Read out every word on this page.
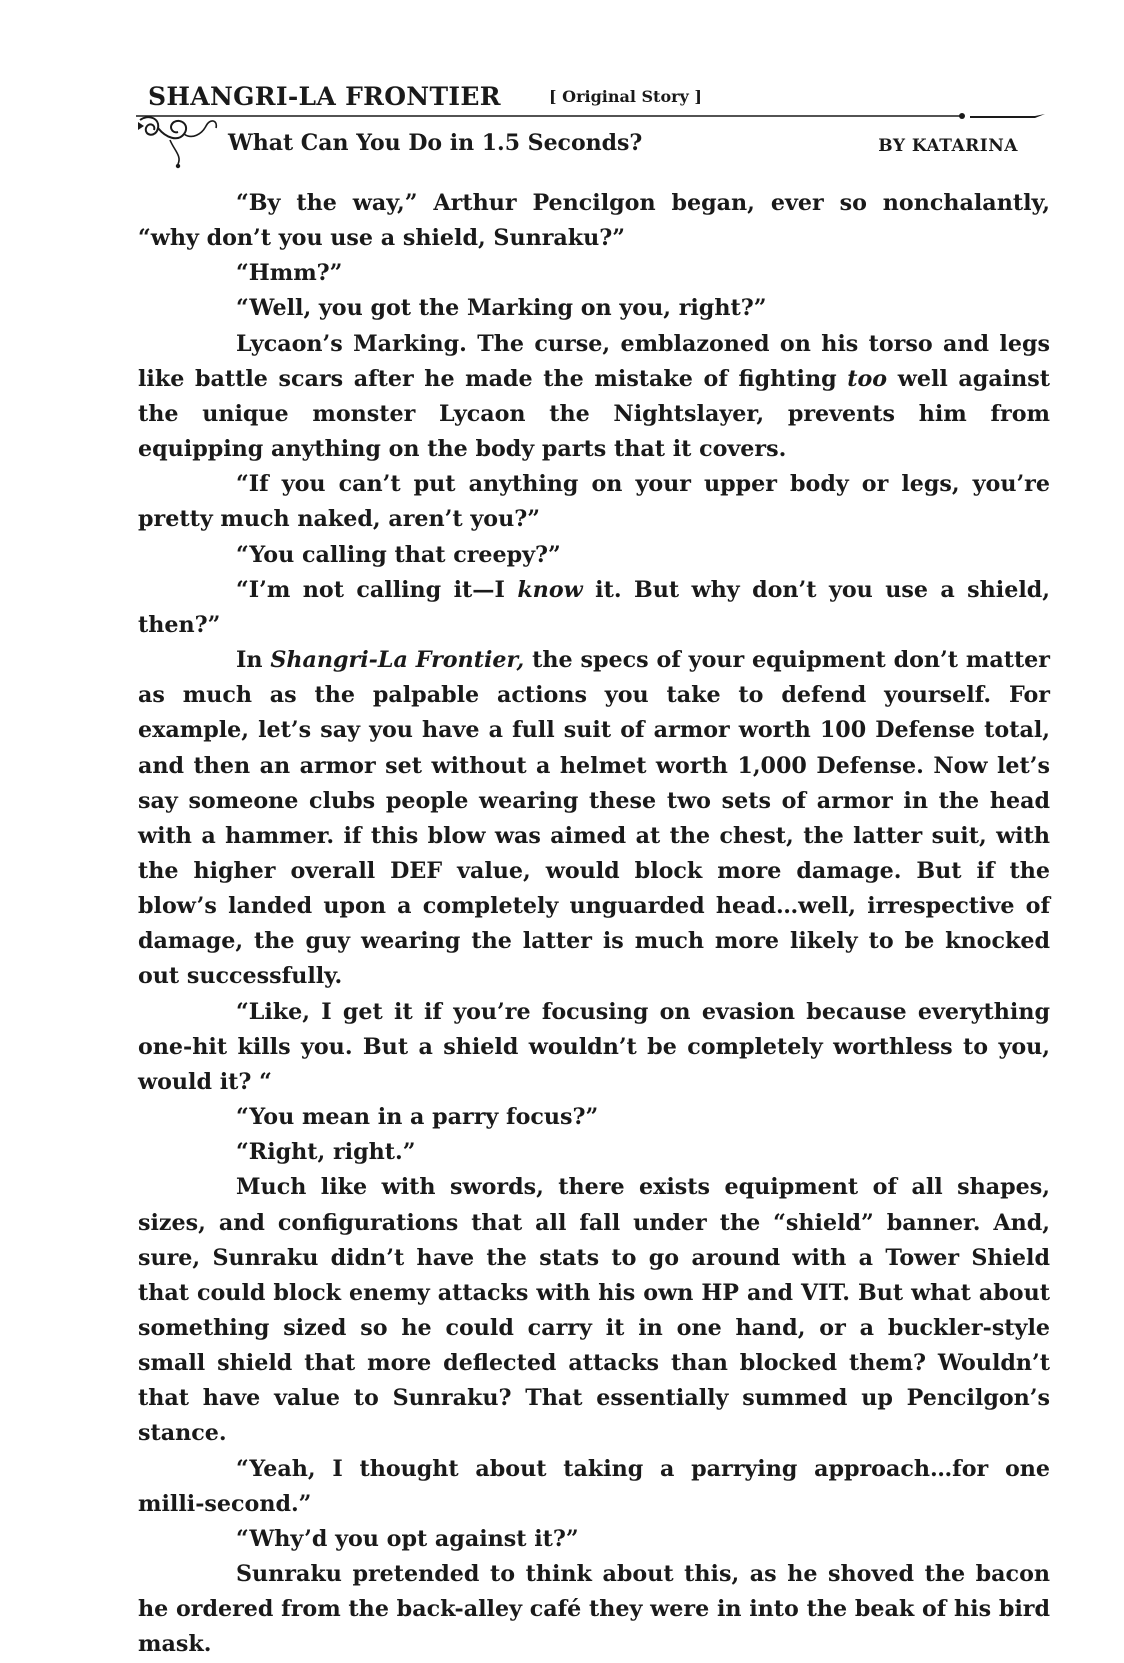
SHANGRI-LA FRONTIER	[ Original Story ]
What Can You Do in 1.5 Seconds?	BY KATARINA

“By the way,” Arthur Pencilgon began, ever so nonchalantly, “why don’t you use a shield, Sunraku?”

“Hmm?”

“Well, you got the Marking on you, right?”

Lycaon’s Marking. The curse, emblazoned on his torso and legs like battle scars after he made the mistake of fighting too well against the unique monster Lycaon the Nightslayer, prevents him from equipping anything on the body parts that it covers.

“If you can’t put anything on your upper body or legs, you’re pretty much naked, aren’t you?”

“You calling that creepy?”

“I’m not calling it—I know it. But why don’t you use a shield, then?”

In Shangri-La Frontier, the specs of your equipment don’t matter as much as the palpable actions you take to defend yourself. For example, let’s say you have a full suit of armor worth 100 Defense total, and then an armor set without a helmet worth 1,000 Defense. Now let’s say someone clubs people wearing these two sets of armor in the head with a hammer. if this blow was aimed at the chest, the latter suit, with the higher overall DEF value, would block more damage. But if the blow’s landed upon a completely unguarded head…well, irrespective of damage, the guy wearing the latter is much more likely to be knocked out successfully.

“Like, I get it if you’re focusing on evasion because everything one-hit kills you. But a shield wouldn’t be completely worthless to you, would it? “

“You mean in a parry focus?”

“Right, right.”

Much like with swords, there exists equipment of all shapes, sizes, and configurations that all fall under the “shield” banner. And, sure, Sunraku didn’t have the stats to go around with a Tower Shield that could block enemy attacks with his own HP and VIT. But what about something sized so he could carry it in one hand, or a buckler-style small shield that more deflected attacks than blocked them? Wouldn’t that have value to Sunraku? That essentially summed up Pencilgon’s stance.

“Yeah, I thought about taking a parrying approach…for one milli-second.”

“Why’d you opt against it?”

Sunraku pretended to think about this, as he shoved the bacon he ordered from the back-alley café they were in into the beak of his bird mask.
